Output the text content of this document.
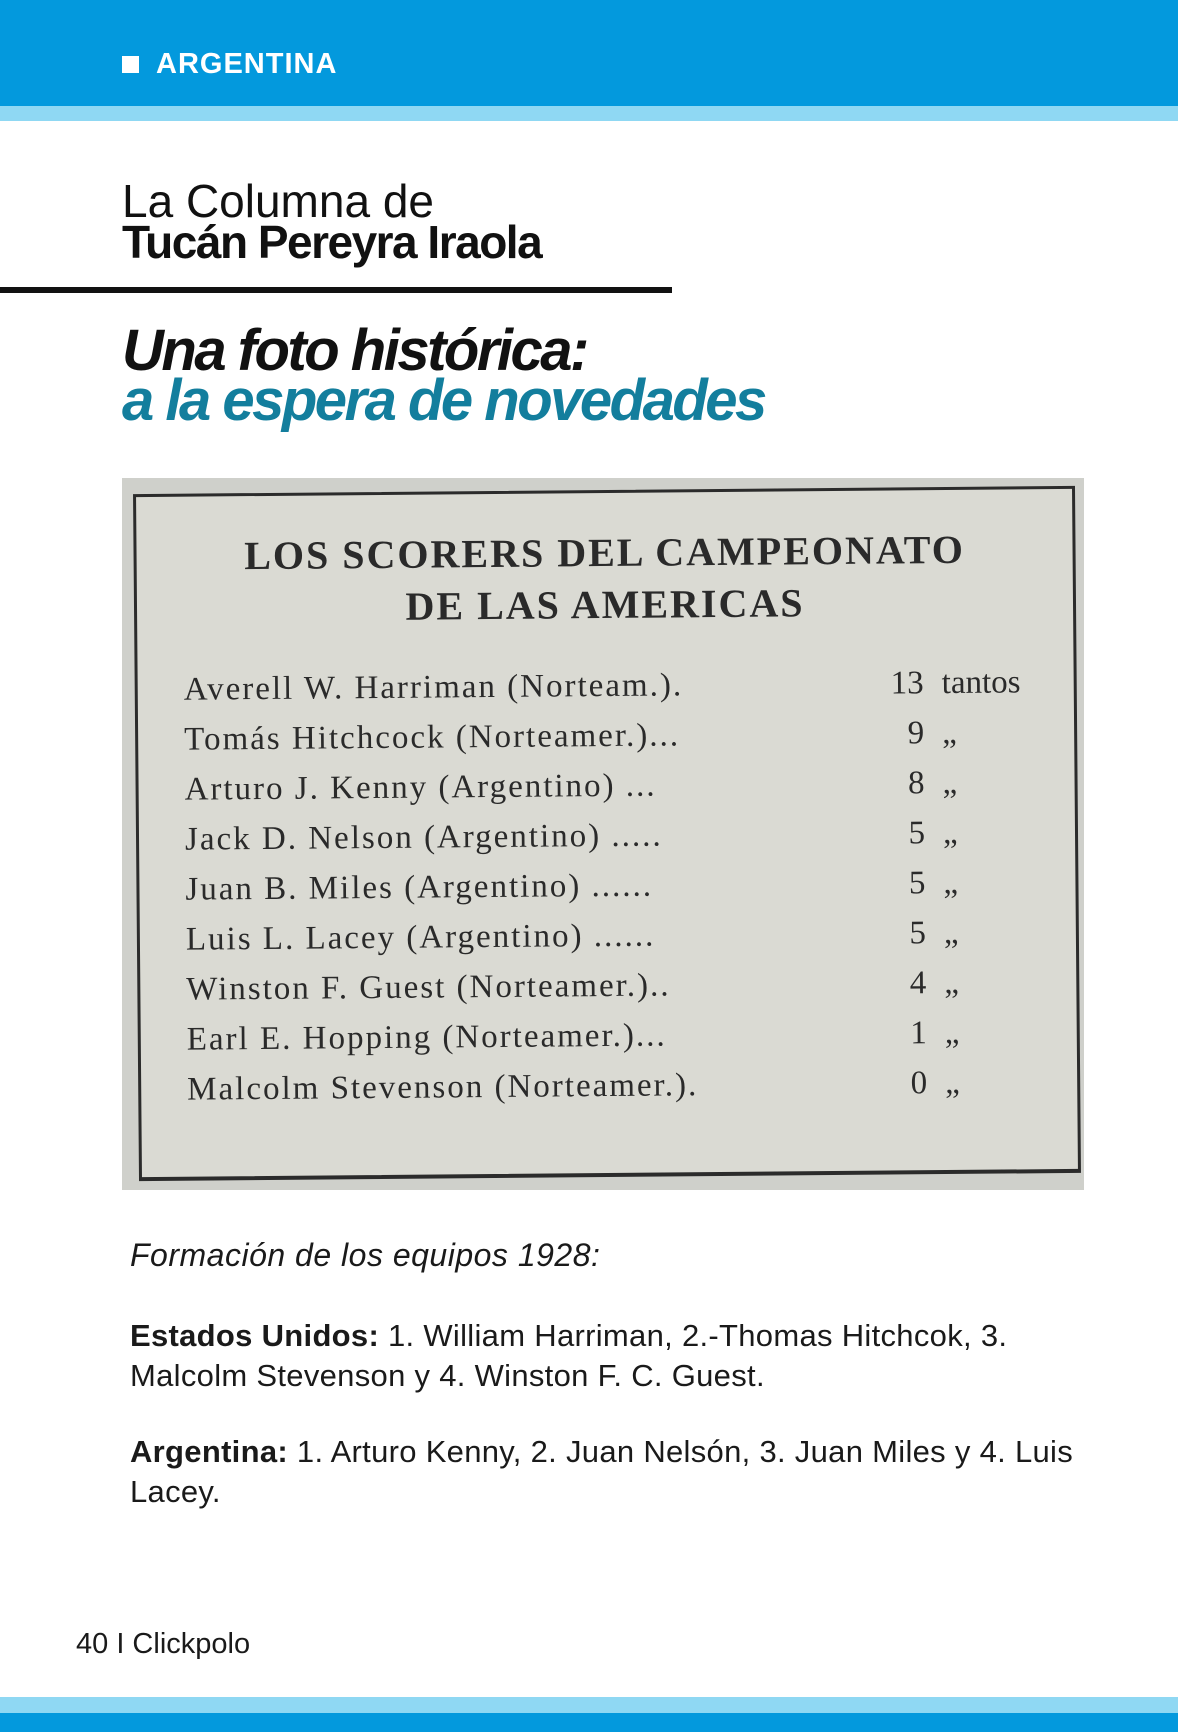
ARGENTINA
La Columna de
Tucán Pereyra Iraola
Una foto histórica:
a la espera de novedades
LOS SCORERS DEL CAMPEONATO
DE LAS AMERICAS
Averell W. Harriman (Norteam.).	13 tantos
Tomás Hitchcock (Norteamer.)...	9 „
Arturo J. Kenny (Argentino) ...	8 „
Jack D. Nelson (Argentino) .....	5 „
Juan B. Miles (Argentino) ......	5 „
Luis L. Lacey (Argentino) ......	5 „
Winston F. Guest (Norteamer.)..	4 „
Earl E. Hopping (Norteamer.)...	1 „
Malcolm Stevenson (Norteamer.).	0 „
Formación de los equipos 1928:
Estados Unidos: 1. William Harriman, 2.-Thomas Hitchcok, 3. Malcolm Stevenson y 4. Winston F. C. Guest.
Argentina: 1. Arturo Kenny, 2. Juan Nelsón, 3. Juan Miles y 4. Luis Lacey.
40 I Clickpolo
